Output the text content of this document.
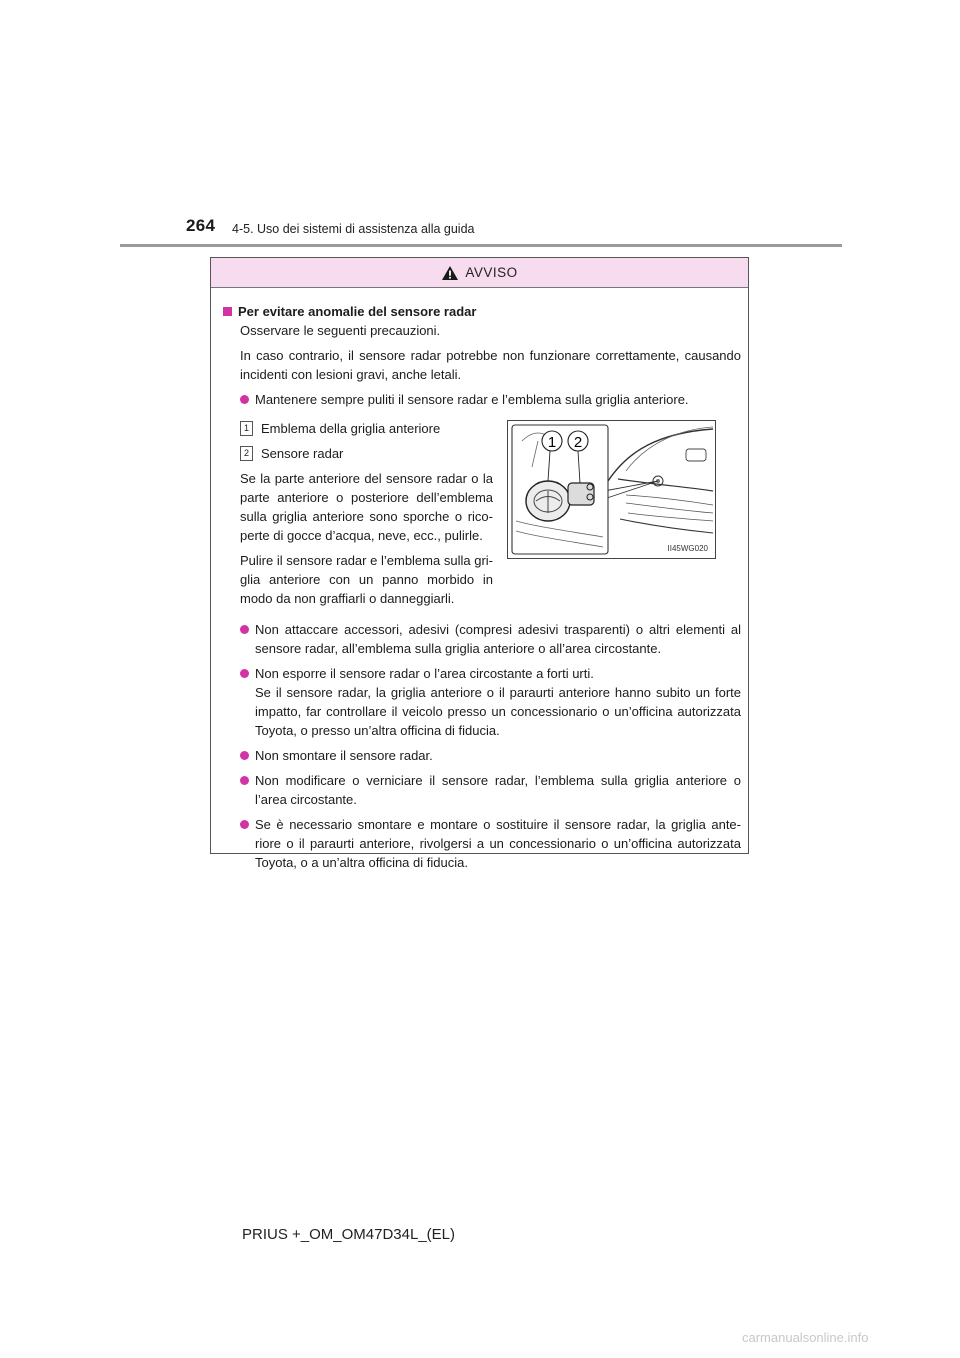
264 4-5. Uso dei sistemi di assistenza alla guida
AVVISO
Per evitare anomalie del sensore radar

Osservare le seguenti precauzioni.

In caso contrario, il sensore radar potrebbe non funzionare correttamente, causando incidenti con lesioni gravi, anche letali.

Mantenere sempre puliti il sensore radar e l’emblema sulla griglia anteriore.
1 Emblema della griglia anteriore
2 Sensore radar

Se la parte anteriore del sensore radar o la parte anteriore o posteriore dell’emblema sulla griglia anteriore sono sporche o rico-perte di gocce d’acqua, neve, ecc., pulirle.

Pulire il sensore radar e l’emblema sulla gri-glia anteriore con un panno morbido in modo da non graffiarli o danneggiarli.

1 2
II45WG020
Non attaccare accessori, adesivi (compresi adesivi trasparenti) o altri elementi al sensore radar, all’emblema sulla griglia anteriore o all’area circostante.
Non esporre il sensore radar o l’area circostante a forti urti.
Se il sensore radar, la griglia anteriore o il paraurti anteriore hanno subito un forte impatto, far controllare il veicolo presso un concessionario o un’officina autorizzata Toyota, o presso un’altra officina di fiducia.
Non smontare il sensore radar.
Non modificare o verniciare il sensore radar, l’emblema sulla griglia anteriore o l’area circostante.
Se è necessario smontare e montare o sostituire il sensore radar, la griglia ante-riore o il paraurti anteriore, rivolgersi a un concessionario o un’officina autorizzata Toyota, o a un’altra officina di fiducia.
PRIUS +_OM_OM47D34L_(EL)
carmanualsonline.info
